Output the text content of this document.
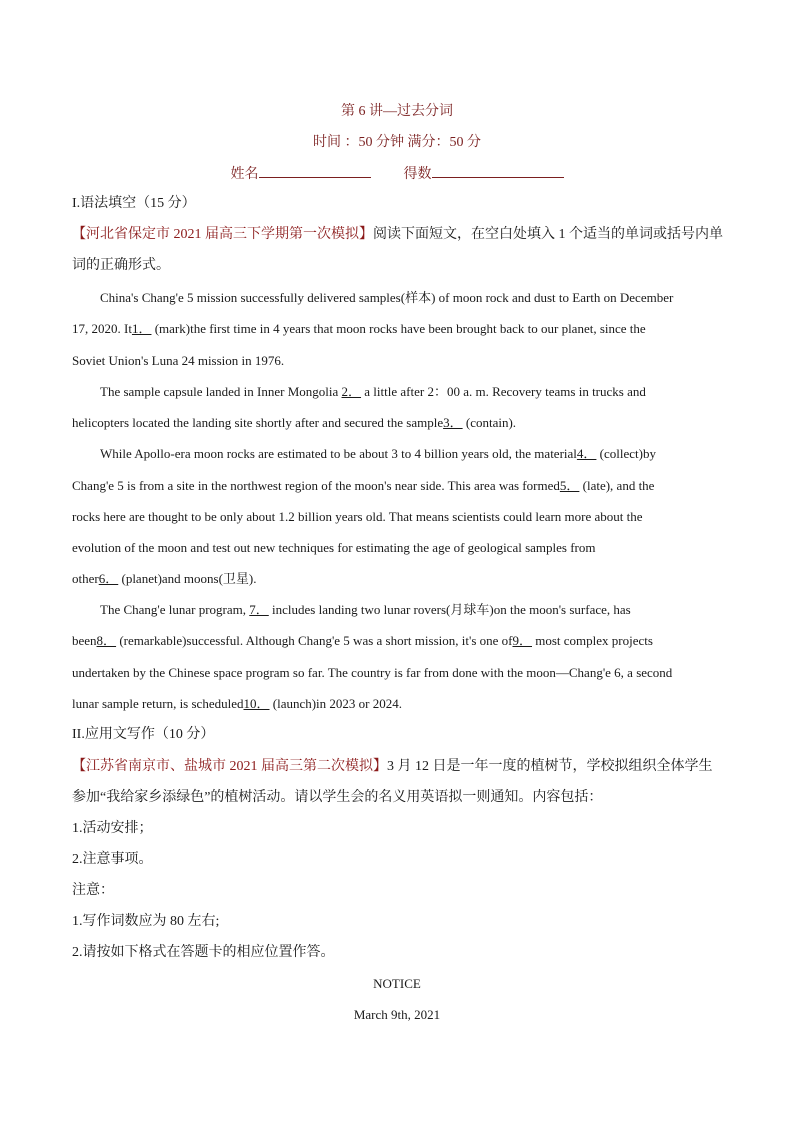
第 6 讲—过去分词
时间 ：50 分钟 满分：50 分
姓名	得数
I.语法填空（15 分）
【河北省保定市 2021 届高三下学期第一次模拟】阅读下面短文，在空白处填入 1 个适当的单词或括号内单
词的正确形式。
China's Chang'e 5 mission successfully delivered samples(样本) of moon rock and dust to Earth on December
17, 2020. It1． (mark)the first time in 4 years that moon rocks have been brought back to our planet, since the
Soviet Union's Luna 24 mission in 1976.
The sample capsule landed in Inner Mongolia 2． a little after 2：00 a. m. Recovery teams in trucks and
helicopters located the landing site shortly after and secured the sample3． (contain).
While Apollo-era moon rocks are estimated to be about 3 to 4 billion years old, the material4． (collect)by
Chang'e 5 is from a site in the northwest region of the moon's near side. This area was formed5． (late), and the
rocks here are thought to be only about 1.2 billion years old. That means scientists could learn more about the
evolution of the moon and test out new techniques for estimating the age of geological samples from
other6． (planet)and moons(卫星).
The Chang'e lunar program, 7． includes landing two lunar rovers(月球车)on the moon's surface, has
been8． (remarkable)successful. Although Chang'e 5 was a short mission, it's one of9． most complex projects
undertaken by the Chinese space program so far. The country is far from done with the moon—Chang'e 6, a second
lunar sample return, is scheduled10． (launch)in 2023 or 2024.
II.应用文写作（10 分）
【江苏省南京市、盐城市 2021 届高三第二次模拟】3 月 12 日是一年一度的植树节，学校拟组织全体学生
参加“我给家乡添绿色”的植树活动。请以学生会的名义用英语拟一则通知。内容包括：
1.活动安排；
2.注意事项。
注意：
1.写作词数应为 80 左右;
2.请按如下格式在答题卡的相应位置作答。
NOTICE
March 9th, 2021
